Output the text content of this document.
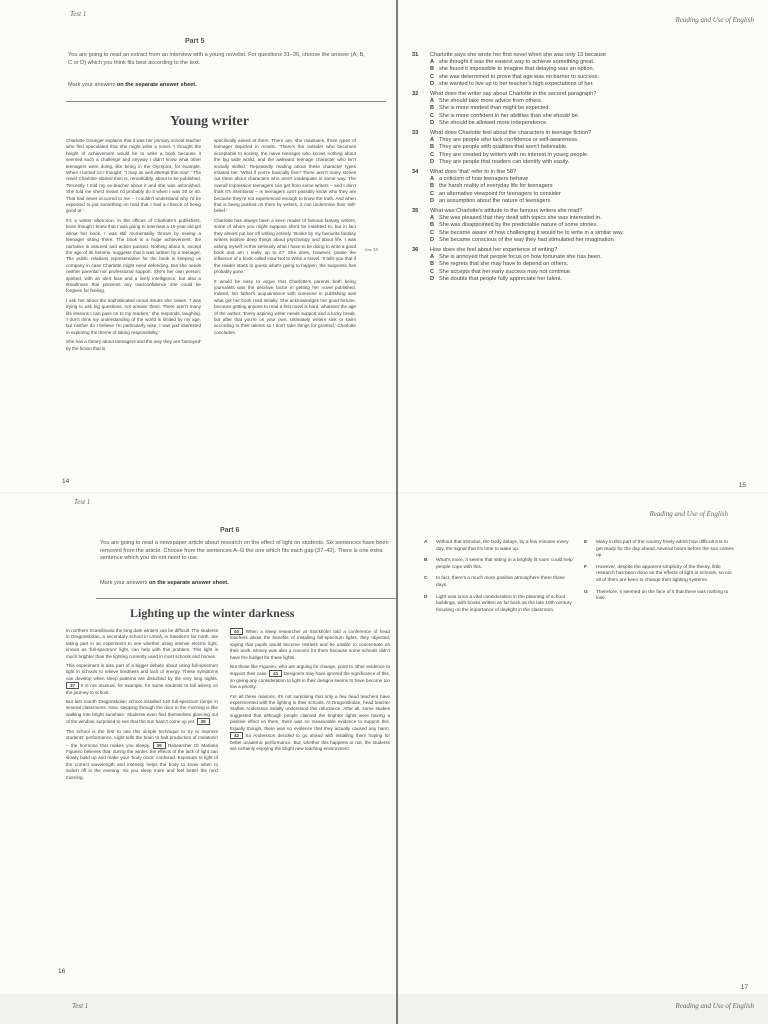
Test 1
Part 5
You are going to read an extract from an interview with a young novelist. For questions 31–36, choose the answer (A, B, C or D) which you think fits best according to the text.
Mark your answers on the separate answer sheet.
Young writer

Charlotte Grainger explains that it was her primary school teacher who first speculated that she might write a novel. 'I thought the height of achievement would be to write a book because it seemed such a challenge and anyway I didn't know what other teenagers were doing, like being in the Olympics, for example. When I turned 13 I thought: "I may as well attempt this now".' The novel Charlotte started then is, remarkably, about to be published. 'Recently I told my ex-teacher about it and she was astonished. She told me she'd meant I'd probably do it when I was 30 or 40. That had never occurred to me – I couldn't understand why I'd be expected to put something on hold that I had a chance of being good at.'

It's a winter afternoon, in the offices of Charlotte's publishers. Even though I knew that I was going to interview a 15-year-old girl about her book, I was still momentarily thrown by seeing a teenager sitting there. The book is a huge achievement: the narrative is assured and action packed. Nothing about it, except the age of its heroine, suggests that it was written by a teenager. The public relations representative for the book is keeping us company in case Charlotte might need defending. But she needs neither parental nor professional support. She's her own person: spirited, with an alert face and a lively intelligence, but also a steadiness that prevents any overconfidence she could be forgiven for feeling.

I ask her about the sophisticated moral issues she raises. 'I was trying to ask big questions, not answer them. There aren't many life lessons I can pass on to my readers,' she responds, laughing. 'I don't think my understanding of the world is limited by my age, but neither do I believe I'm particularly wise. I was just interested in exploring the theme of taking responsibility.'

She has a theory about teenagers and the way they are 'betrayed' by the fiction that is

specifically aimed at them. There are, she maintains, three types of teenager depicted in novels. 'There's the outsider who becomes acceptable to society, the naive teenager who knows nothing about the big wide world, and the awkward teenage character who isn't socially skilled.' Repeatedly reading about these character types irritated her. 'What if you're basically fine? There aren't many stories out there about characters who aren't inadequate in some way. The overall impression teenagers can get from some writers – and I don't think it's intentional – is teenagers can't possibly know who they are because they're not experienced enough to know the truth. And when that is being pushed on them by writers, it can undermine their self-belief.'

Charlotte has always been a keen reader of famous fantasy writers, some of whom you might suppose she'd be indebted to, but in fact they almost put her off writing entirely. 'Books by my favourite fantasy writers explore deep things about psychology and about life. I was asking myself: is this seriously what I have to be doing to write a good book and am I really up to it?' She does, however, praise the influence of a book called How Not to Write a Novel. 'It tells you that if the reader starts to guess what's going to happen, the suspense has probably gone.'

It would be easy to argue that Charlotte's parents both being journalists was the decisive factor in getting her novel published. Indeed, her father's acquaintance with someone in publishing was what got her book read initially. She acknowledges her good fortune, because getting anyone to read a first novel is hard, whatever the age of the author. 'Every aspiring writer needs support and a lucky break, but after that you're on your own. Ultimately writers sink or swim according to their talents so I don't take things for granted,' Charlotte concludes.

line 58
14
Reading and Use of English
31	Charlotte says she wrote her first novel when she was only 13 because
A she thought it was the easiest way to achieve something great.
B she found it impossible to imagine that delaying was an option.
C she was determined to prove that age was no barrier to success.
D she wanted to live up to her teacher's high expectations of her.
32	What does the writer say about Charlotte in the second paragraph?
A She should take more advice from others.
B She is more modest than might be expected.
C She is more confident in her abilities than she should be.
D She should be allowed more independence.
33	What does Charlotte feel about the characters in teenage fiction?
A They are people who lack confidence or self-awareness.
B They are people with qualities that aren't believable.
C They are created by writers with no interest in young people.
D They are people that readers can identify with easily.
34	What does 'that' refer to in line 58?
A a criticism of how teenagers behave
B the harsh reality of everyday life for teenagers
C an alternative viewpoint for teenagers to consider
D an assumption about the nature of teenagers
35	What was Charlotte's attitude to the famous writers she read?
A She was pleased that they dealt with topics she was interested in.
B She was disappointed by the predictable nature of some stories.
C She became aware of how challenging it would be to write in a similar way.
D She became conscious of the way they had stimulated her imagination.
36	How does she feel about her experience of writing?
A She is annoyed that people focus on how fortunate she has been.
B She regrets that she may have to depend on others.
C She accepts that her early success may not continue.
D She doubts that people fully appreciate her talent.
15
Test 1
Part 6
You are going to read a newspaper article about research on the effect of light on students. Six sentences have been removed from the article. Choose from the sentences A–G the one which fits each gap (37–42). There is one extra sentence which you do not need to use.
Mark your answers on the separate answer sheet.
Lighting up the winter darkness

In northern Scandinavia the long dark winters can be difficult. The students in Dragonskolan, a secondary school in Umeå, in Sweden's far north, are taking part in an experiment to see whether using intense electric light, known as 'full-spectrum' light, can help with this problem. This light is much brighter than the lighting currently used in most schools and homes.

This experiment is also part of a bigger debate about using full-spectrum light in schools to relieve tiredness and lack of energy. These symptoms can develop when sleep patterns are disturbed by the very long nights. 37 It is not unusual, for example, for some students to fall asleep on the journey to school.

But last month Dragonskolan school installed 140 full-spectrum lamps in several classrooms. Now, stepping through the door in the morning is like walking into bright sunshine. Students even find themselves glancing out of the window, surprised to see that the sun hasn't come up yet. 38

The school is the first to use this simple technique to try to improve students' performance. Light tells the brain to halt production of melatonin – the hormone that makes you sleepy. 39 Researcher Dr Mariana Figueiro believes that, during the winter, the effects of the lack of light can slowly build up and make your 'body clock' confused. Exposure to light of the correct wavelength and intensity helps the body to know when to switch off in the evening. So you sleep more and feel better the next morning.

40 When a sleep researcher at Stockholm told a conference of head teachers about the benefits of installing full-spectrum lights, they objected, saying that pupils would become restless and be unable to concentrate on their work. Money was also a concern for them because some schools didn't have the budget for these lights.

But those like Figueiro, who are arguing for change, point to other evidence to support their case. 41 Designers may have ignored the significance of this, so giving any consideration to light in their designs seems to have become too low a priority.

For all these reasons, it's not surprising that only a few head teachers have experimented with the lighting in their schools. At Dragonskolan, head teacher Staffan Andersson initially understood this reluctance. After all, some studies suggested that although people claimed the brighter lights were having a positive effect on them, there was no measurable evidence to support this. Equally though, there was no evidence that they actually caused any harm. 42 So Andersson decided to go ahead with installing them hoping for better academic performance. But, whether this happens or not, the students are certainly enjoying the bright new teaching environment.

16
Reading and Use of English
A	Without that stimulus, the body delays, by a few minutes every day, the signal that it's time to wake up.
B	What's more, it seems that sitting in a brightly lit room could help people cope with this.
C	In fact, there's a much more positive atmosphere there these days.
D	Light was once a vital consideration in the planning of school buildings, with books written as far back as the late 19th century focusing on the importance of daylight in the classroom.
E	Many in this part of the country freely admit how difficult it is to get ready for the day ahead, several hours before the sun comes up.
F	However, despite the apparent simplicity of the theory, little research has been done on the effects of light in schools, so not all of them are keen to change their lighting systems.
G	Therefore, it seemed on the face of it that there was nothing to lose.
17
Test 1	Reading and Use of English
